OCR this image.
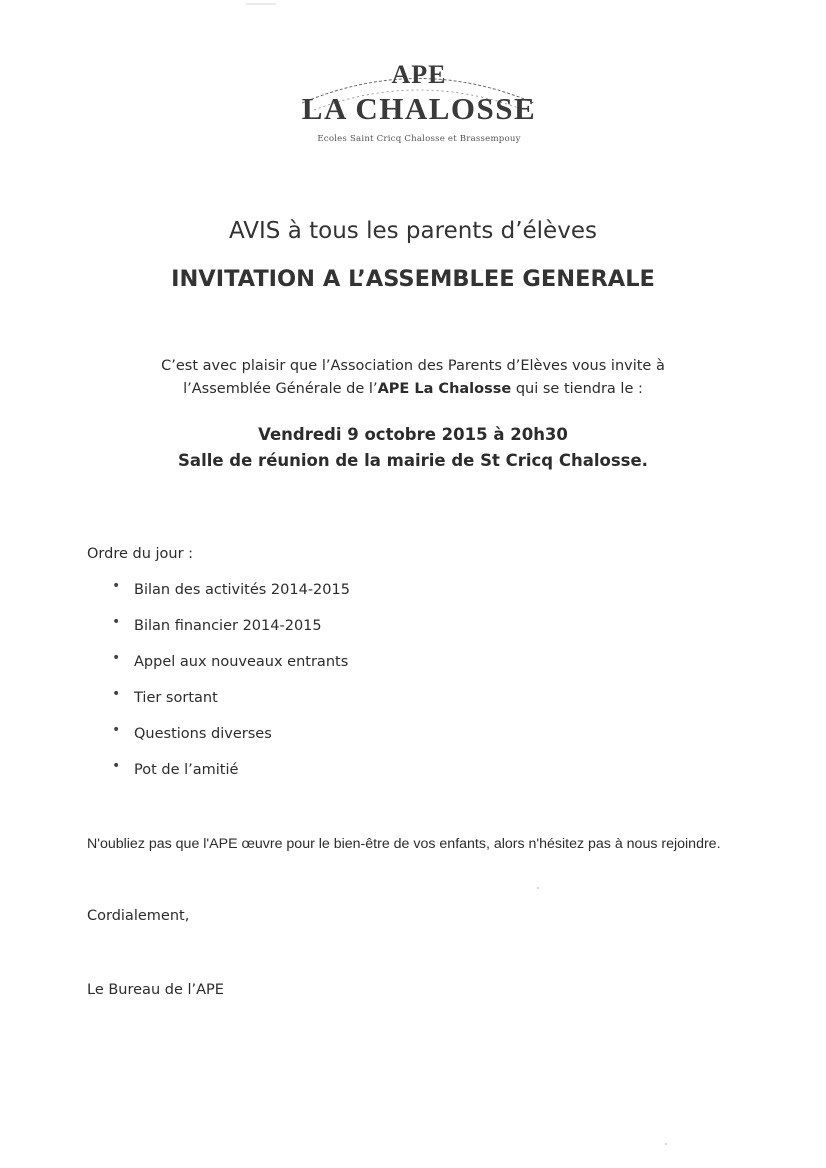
APE
LA CHALOSSE
Ecoles Saint Cricq Chalosse et Brassempouy
AVIS à tous les parents d’élèves
INVITATION A L’ASSEMBLEE GENERALE
C’est avec plaisir que l’Association des Parents d’Elèves vous invite à
l’Assemblée Générale de l’APE La Chalosse qui se tiendra le :
Vendredi 9 octobre 2015 à 20h30
Salle de réunion de la mairie de St Cricq Chalosse.
Ordre du jour :
• Bilan des activités 2014-2015
• Bilan financier 2014-2015
• Appel aux nouveaux entrants
• Tier sortant
• Questions diverses
• Pot de l’amitié
N'oubliez pas que l'APE œuvre pour le bien-être de vos enfants, alors n'hésitez pas à nous rejoindre.
Cordialement,
Le Bureau de l’APE
